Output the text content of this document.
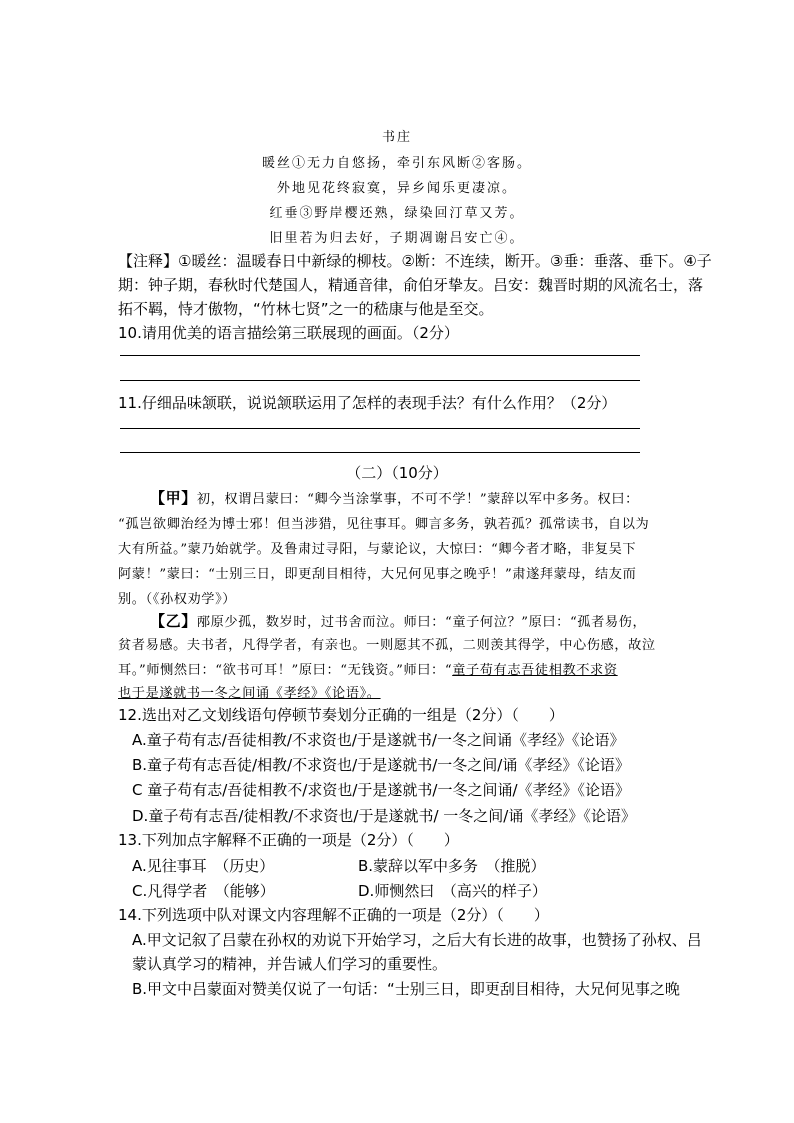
书庄
暖丝①无力自悠扬，牵引东风断②客肠。
外地见花终寂寞，异乡闻乐更凄凉。
红垂③野岸樱还熟，绿染回汀草又芳。
旧里若为归去好，子期凋谢吕安亡④。
【注释】①暖丝：温暖春日中新绿的柳枝。②断：不连续，断开。③垂：垂落、垂下。④子
期：钟子期，春秋时代楚国人，精通音律，俞伯牙挚友。吕安：魏晋时期的风流名士，落
拓不羁，恃才傲物，“竹林七贤”之一的嵇康与他是至交。
10.请用优美的语言描绘第三联展现的画面。（2分）
11.仔细品味颔联，说说颔联运用了怎样的表现手法？有什么作用？（2分）
（二）（10分）
【甲】初，权谓吕蒙曰：“卿今当涂掌事，不可不学！”蒙辞以军中多务。权曰：
“孤岂欲卿治经为博士邪！但当涉猎，见往事耳。卿言多务，孰若孤？孤常读书，自以为
大有所益。”蒙乃始就学。及鲁肃过寻阳，与蒙论议，大惊曰：“卿今者才略，非复吴下
阿蒙！”蒙曰：“士别三日，即更刮目相待，大兄何见事之晚乎！”肃遂拜蒙母，结友而
别。（《孙权劝学》）
【乙】邴原少孤，数岁时，过书舍而泣。师曰：“童子何泣？”原曰：“孤者易伤，
贫者易感。夫书者，凡得学者，有亲也。一则愿其不孤，二则羡其得学，中心伤感，故泣
耳。”师恻然曰：“欲书可耳！”原曰：“无钱资。”师曰：“童子苟有志吾徒相教不求资
也于是遂就书一冬之间诵《孝经》《论语》。
12.选出对乙文划线语句停顿节奏划分正确的一组是（2分）（　　）
A.童子苟有志/吾徒相教/不求资也/于是遂就书/一冬之间诵《孝经》《论语》
B.童子苟有志吾徒/相教/不求资也/于是遂就书/一冬之间/诵《孝经》《论语》
C 童子苟有志/吾徒相教不/求资也/于是遂就书/一冬之间诵/《孝经》《论语》
D.童子苟有志吾/徒相教/不求资也/于是遂就书/ 一冬之间/诵《孝经》《论语》
13.下列加点字解释不正确的一项是（2分）（　　）
A.见往事耳　（历史）	B.蒙辞以军中多务　（推脱）
C.凡得学者　（能够）	D.师恻然曰　（高兴的样子）
14.下列选项中队对课文内容理解不正确的一项是（2分）（　　）
A.甲文记叙了吕蒙在孙权的劝说下开始学习，之后大有长进的故事，也赞扬了孙权、吕
蒙认真学习的精神，并告诫人们学习的重要性。
B.甲文中吕蒙面对赞美仅说了一句话：“士别三日，即更刮目相待，大兄何见事之晚
